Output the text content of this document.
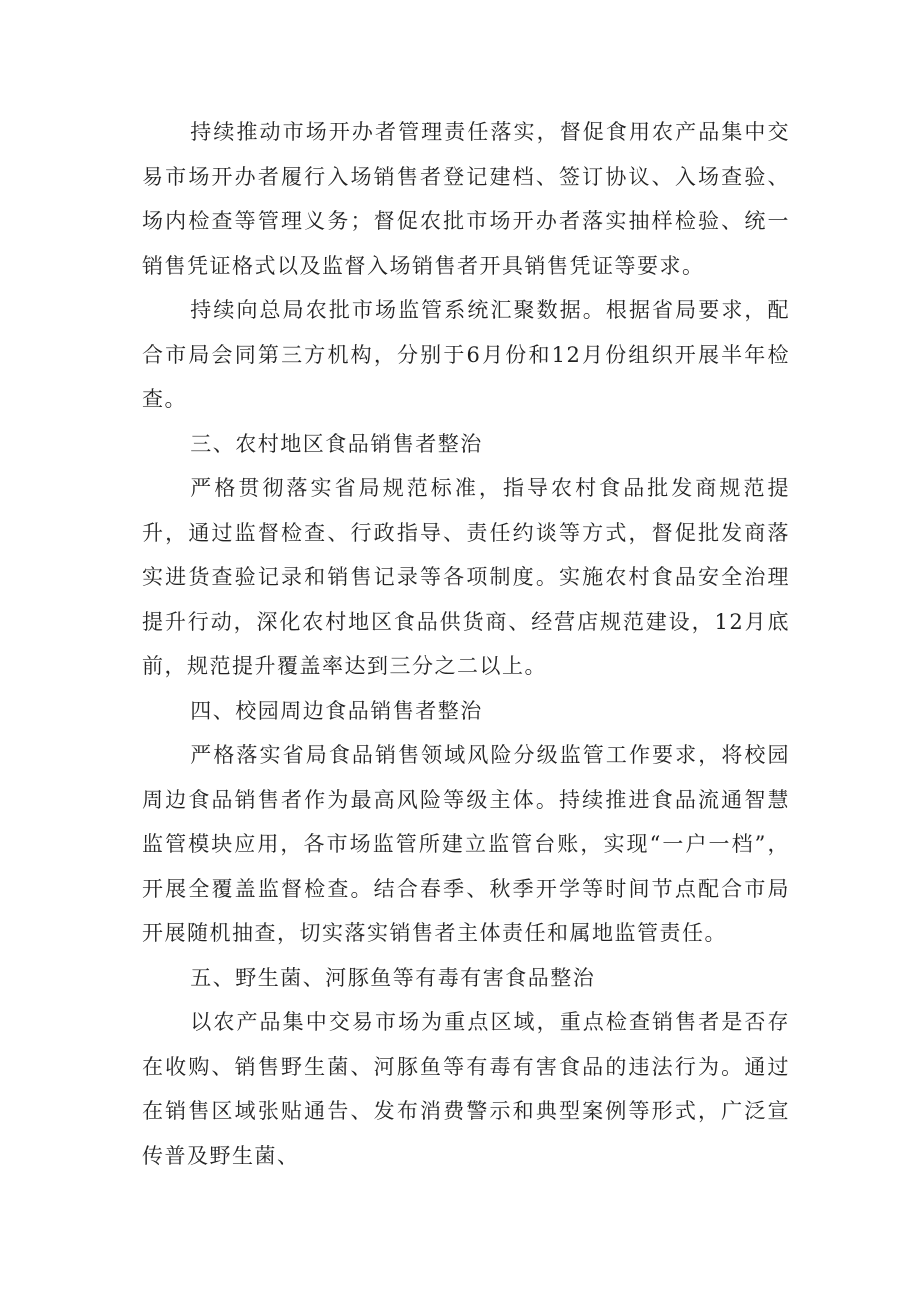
持续推动市场开办者管理责任落实，督促食用农产品集中交易市场开办者履行入场销售者登记建档、签订协议、入场查验、场内检查等管理义务；督促农批市场开办者落实抽样检验、统一销售凭证格式以及监督入场销售者开具销售凭证等要求。

持续向总局农批市场监管系统汇聚数据。根据省局要求，配合市局会同第三方机构，分别于6月份和12月份组织开展半年检查。

三、农村地区食品销售者整治

严格贯彻落实省局规范标准，指导农村食品批发商规范提升，通过监督检查、行政指导、责任约谈等方式，督促批发商落实进货查验记录和销售记录等各项制度。实施农村食品安全治理提升行动，深化农村地区食品供货商、经营店规范建设，12月底前，规范提升覆盖率达到三分之二以上。

四、校园周边食品销售者整治

严格落实省局食品销售领域风险分级监管工作要求，将校园周边食品销售者作为最高风险等级主体。持续推进食品流通智慧监管模块应用，各市场监管所建立监管台账，实现“一户一档”，开展全覆盖监督检查。结合春季、秋季开学等时间节点配合市局开展随机抽查，切实落实销售者主体责任和属地监管责任。

五、野生菌、河豚鱼等有毒有害食品整治

以农产品集中交易市场为重点区域，重点检查销售者是否存在收购、销售野生菌、河豚鱼等有毒有害食品的违法行为。通过在销售区域张贴通告、发布消费警示和典型案例等形式，广泛宣传普及野生菌、
